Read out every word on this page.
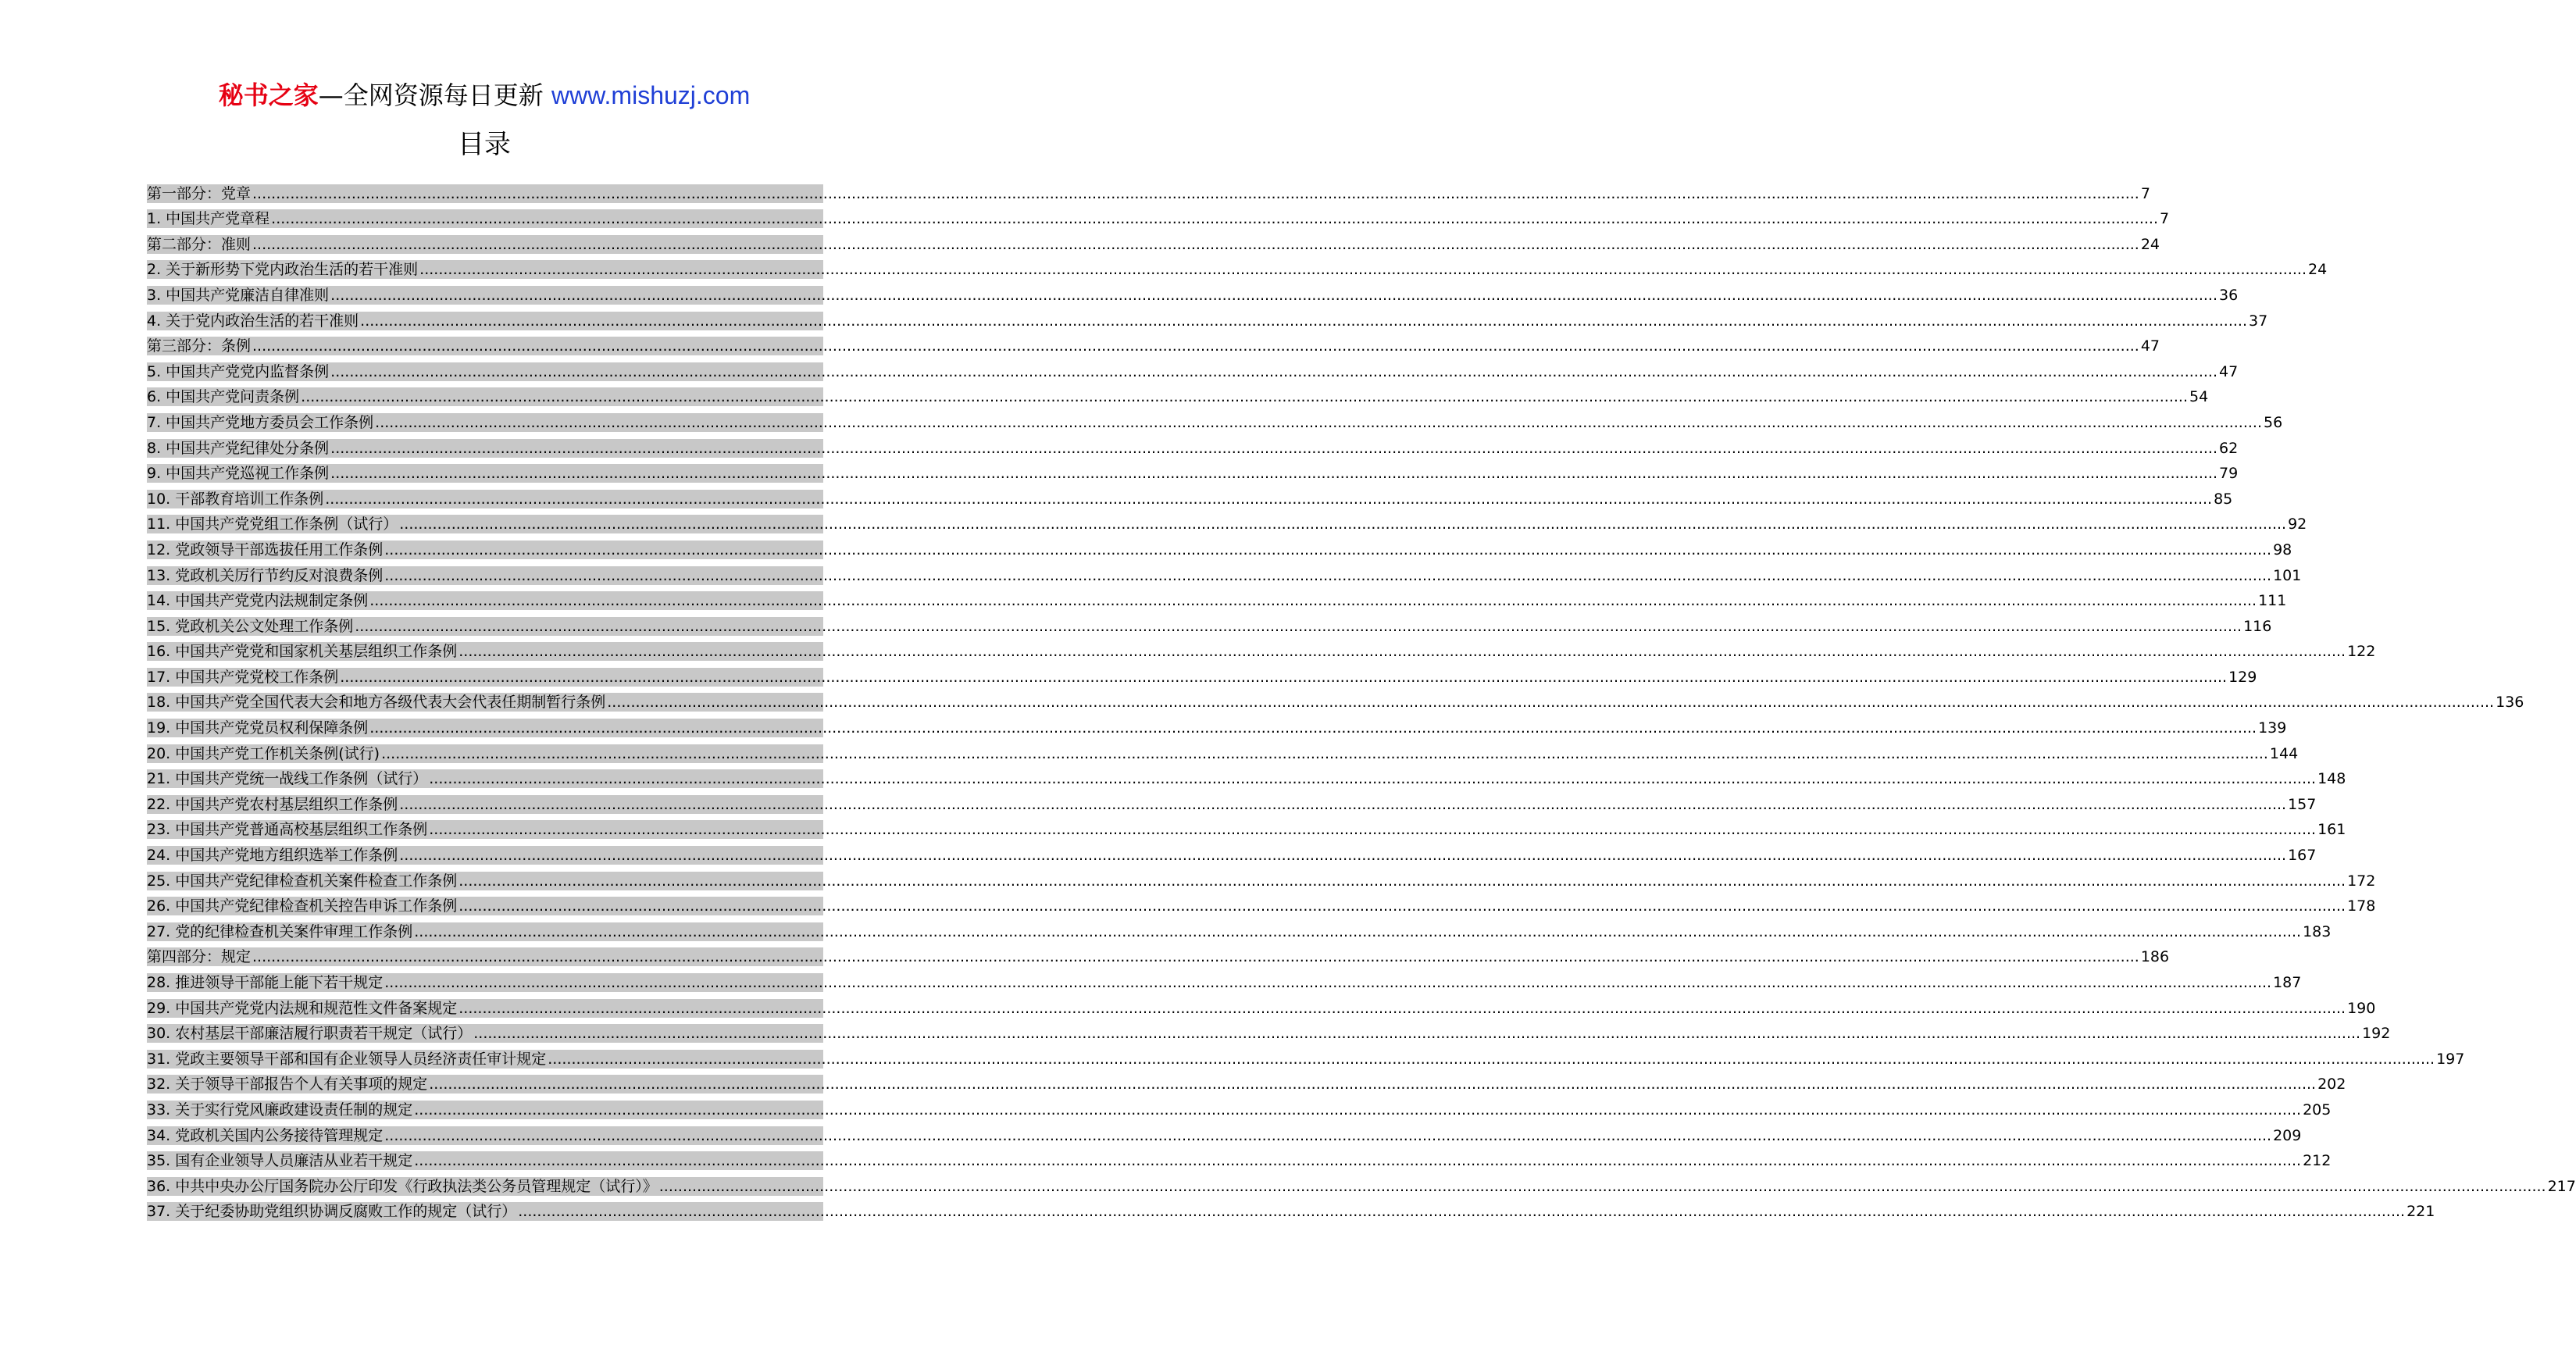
秘书之家—全网资源每日更新 www.mishuzj.com
目录
第一部分：党章 ................................................................................................................................................................................................................................................................................................................................................................................................................ 7
1. 中国共产党章程 ................................................................................................................................................................................................................................................................................................................................................................................................................ 7
第二部分：准则 ................................................................................................................................................................................................................................................................................................................................................................................................................ 24
2. 关于新形势下党内政治生活的若干准则 ................................................................................................................................................................................................................................................................................................................................................................................................................ 24
3. 中国共产党廉洁自律准则 ................................................................................................................................................................................................................................................................................................................................................................................................................ 36
4. 关于党内政治生活的若干准则 ................................................................................................................................................................................................................................................................................................................................................................................................................ 37
第三部分：条例 ................................................................................................................................................................................................................................................................................................................................................................................................................ 47
5. 中国共产党党内监督条例 ................................................................................................................................................................................................................................................................................................................................................................................................................ 47
6. 中国共产党问责条例 ................................................................................................................................................................................................................................................................................................................................................................................................................ 54
7. 中国共产党地方委员会工作条例 ................................................................................................................................................................................................................................................................................................................................................................................................................ 56
8. 中国共产党纪律处分条例 ................................................................................................................................................................................................................................................................................................................................................................................................................ 62
9. 中国共产党巡视工作条例 ................................................................................................................................................................................................................................................................................................................................................................................................................ 79
10. 干部教育培训工作条例 ................................................................................................................................................................................................................................................................................................................................................................................................................ 85
11. 中国共产党党组工作条例（试行） ................................................................................................................................................................................................................................................................................................................................................................................................................ 92
12. 党政领导干部选拔任用工作条例 ................................................................................................................................................................................................................................................................................................................................................................................................................ 98
13. 党政机关厉行节约反对浪费条例 ................................................................................................................................................................................................................................................................................................................................................................................................................ 101
14. 中国共产党党内法规制定条例 ................................................................................................................................................................................................................................................................................................................................................................................................................ 111
15. 党政机关公文处理工作条例 ................................................................................................................................................................................................................................................................................................................................................................................................................ 116
16. 中国共产党党和国家机关基层组织工作条例 ................................................................................................................................................................................................................................................................................................................................................................................................................ 122
17. 中国共产党党校工作条例 ................................................................................................................................................................................................................................................................................................................................................................................................................ 129
18. 中国共产党全国代表大会和地方各级代表大会代表任期制暂行条例 ................................................................................................................................................................................................................................................................................................................................................................................................................ 136
19. 中国共产党党员权利保障条例 ................................................................................................................................................................................................................................................................................................................................................................................................................ 139
20. 中国共产党工作机关条例(试行) ................................................................................................................................................................................................................................................................................................................................................................................................................ 144
21. 中国共产党统一战线工作条例（试行） ................................................................................................................................................................................................................................................................................................................................................................................................................ 148
22. 中国共产党农村基层组织工作条例 ................................................................................................................................................................................................................................................................................................................................................................................................................ 157
23. 中国共产党普通高校基层组织工作条例 ................................................................................................................................................................................................................................................................................................................................................................................................................ 161
24. 中国共产党地方组织选举工作条例 ................................................................................................................................................................................................................................................................................................................................................................................................................ 167
25. 中国共产党纪律检查机关案件检查工作条例 ................................................................................................................................................................................................................................................................................................................................................................................................................ 172
26. 中国共产党纪律检查机关控告申诉工作条例 ................................................................................................................................................................................................................................................................................................................................................................................................................ 178
27. 党的纪律检查机关案件审理工作条例 ................................................................................................................................................................................................................................................................................................................................................................................................................ 183
第四部分：规定 ................................................................................................................................................................................................................................................................................................................................................................................................................ 186
28. 推进领导干部能上能下若干规定 ................................................................................................................................................................................................................................................................................................................................................................................................................ 187
29. 中国共产党党内法规和规范性文件备案规定 ................................................................................................................................................................................................................................................................................................................................................................................................................ 190
30. 农村基层干部廉洁履行职责若干规定（试行） ................................................................................................................................................................................................................................................................................................................................................................................................................ 192
31. 党政主要领导干部和国有企业领导人员经济责任审计规定 ................................................................................................................................................................................................................................................................................................................................................................................................................ 197
32. 关于领导干部报告个人有关事项的规定 ................................................................................................................................................................................................................................................................................................................................................................................................................ 202
33. 关于实行党风廉政建设责任制的规定 ................................................................................................................................................................................................................................................................................................................................................................................................................ 205
34. 党政机关国内公务接待管理规定 ................................................................................................................................................................................................................................................................................................................................................................................................................ 209
35. 国有企业领导人员廉洁从业若干规定 ................................................................................................................................................................................................................................................................................................................................................................................................................ 212
36. 中共中央办公厅国务院办公厅印发《行政执法类公务员管理规定（试行）》 ................................................................................................................................................................................................................................................................................................................................................................................................................ 217
37. 关于纪委协助党组织协调反腐败工作的规定（试行） ................................................................................................................................................................................................................................................................................................................................................................................................................ 221
